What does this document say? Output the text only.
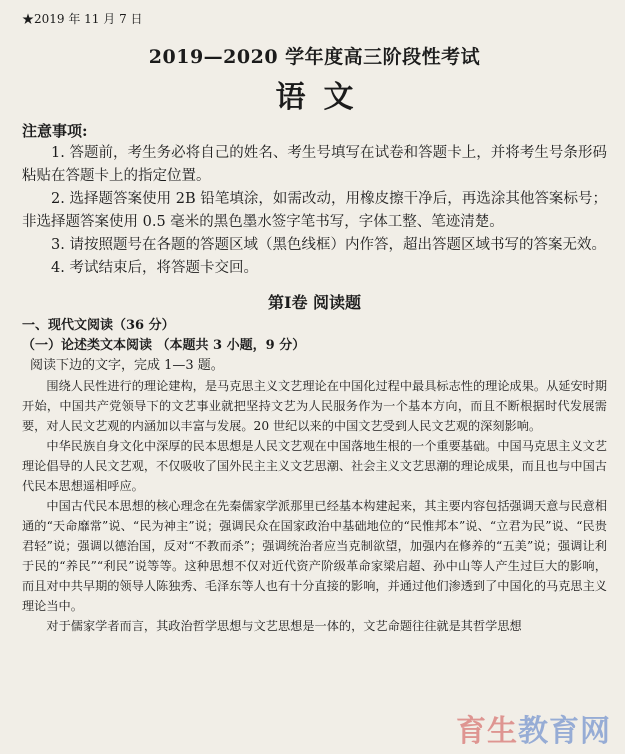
★2019 年 11 月 7 日
2019—2020 学年度高三阶段性考试
语文
注意事项:

1. 答题前，考生务必将自己的姓名、考生号填写在试卷和答题卡上，并将考生号条形码粘贴在答题卡上的指定位置。

2. 选择题答案使用 2B 铅笔填涂，如需改动，用橡皮擦干净后，再选涂其他答案标号；非选择题答案使用 0.5 毫米的黑色墨水签字笔书写，字体工整、笔迹清楚。

3. 请按照题号在各题的答题区域（黑色线框）内作答，超出答题区域书写的答案无效。

4. 考试结束后，将答题卡交回。

第Ⅰ卷 阅读题

一、现代文阅读（36 分）

（一）论述类文本阅读 （本题共 3 小题，9 分）

阅读下边的文字，完成 1—3 题。

围绕人民性进行的理论建构，是马克思主义文艺理论在中国化过程中最具标志性的理论成果。从延安时期开始，中国共产党领导下的文艺事业就把坚持文艺为人民服务作为一个基本方向，而且不断根据时代发展需要，对人民文艺观的内涵加以丰富与发展。20 世纪以来的中国文艺受到人民文艺观的深刻影响。

中华民族自身文化中深厚的民本思想是人民文艺观在中国落地生根的一个重要基础。中国马克思主义文艺理论倡导的人民文艺观，不仅吸收了国外民主主义文艺思潮、社会主义文艺思潮的理论成果，而且也与中国古代民本思想遥相呼应。

中国古代民本思想的核心理念在先秦儒家学派那里已经基本构建起来，其主要内容包括强调天意与民意相通的“天命靡常”说、“民为神主”说；强调民众在国家政治中基础地位的“民惟邦本”说、“立君为民”说、“民贵君轻”说；强调以德治国，反对“不教而杀”；强调统治者应当克制欲望，加强内在修养的“五美”说；强调让利于民的“养民”“利民”说等等。这种思想不仅对近代资产阶级革命家梁启超、孙中山等人产生过巨大的影响，而且对中共早期的领导人陈独秀、毛泽东等人也有十分直接的影响，并通过他们渗透到了中国化的马克思主义理论当中。

对于儒家学者而言，其政治哲学思想与文艺思想是一体的，文艺命题往往就是其哲学思想

育生教育网
